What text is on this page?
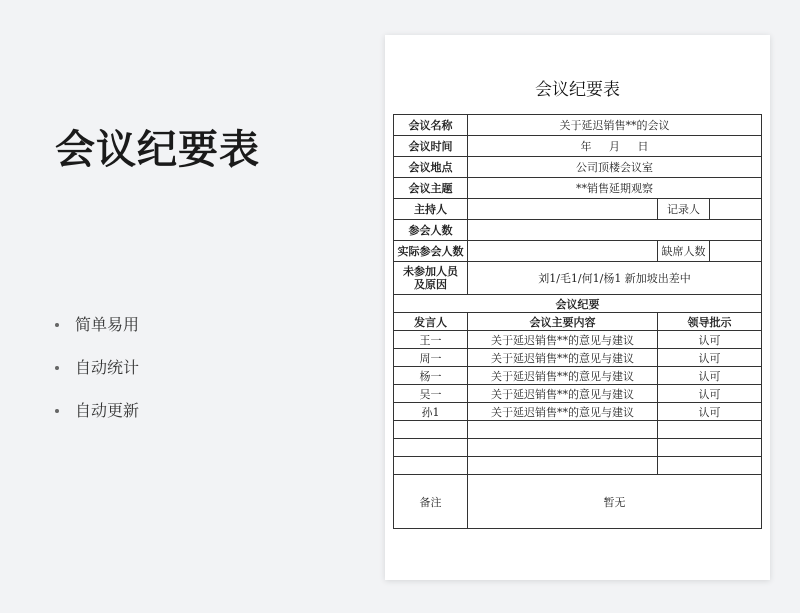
会议纪要表
简单易用
自动统计
自动更新
会议纪要表
会议名称	关于延迟销售**的会议	
会议时间	年     月     日	
会议地点	公司顶楼会议室	
会议主题	**销售延期观察	
主持人		记录人

参会人数		
实际参会人数		缺席人数

未参加人员 及原因	刘1/毛1/何1/杨1 新加坡出差中	
会议纪要		
发言人	会议主要内容	领导批示
王一	关于延迟销售**的意见与建议	认可
周一	关于延迟销售**的意见与建议	认可
杨一	关于延迟销售**的意见与建议	认可
吴一	关于延迟销售**的意见与建议	认可
孙1	关于延迟销售**的意见与建议	认可

备注	暂无	
